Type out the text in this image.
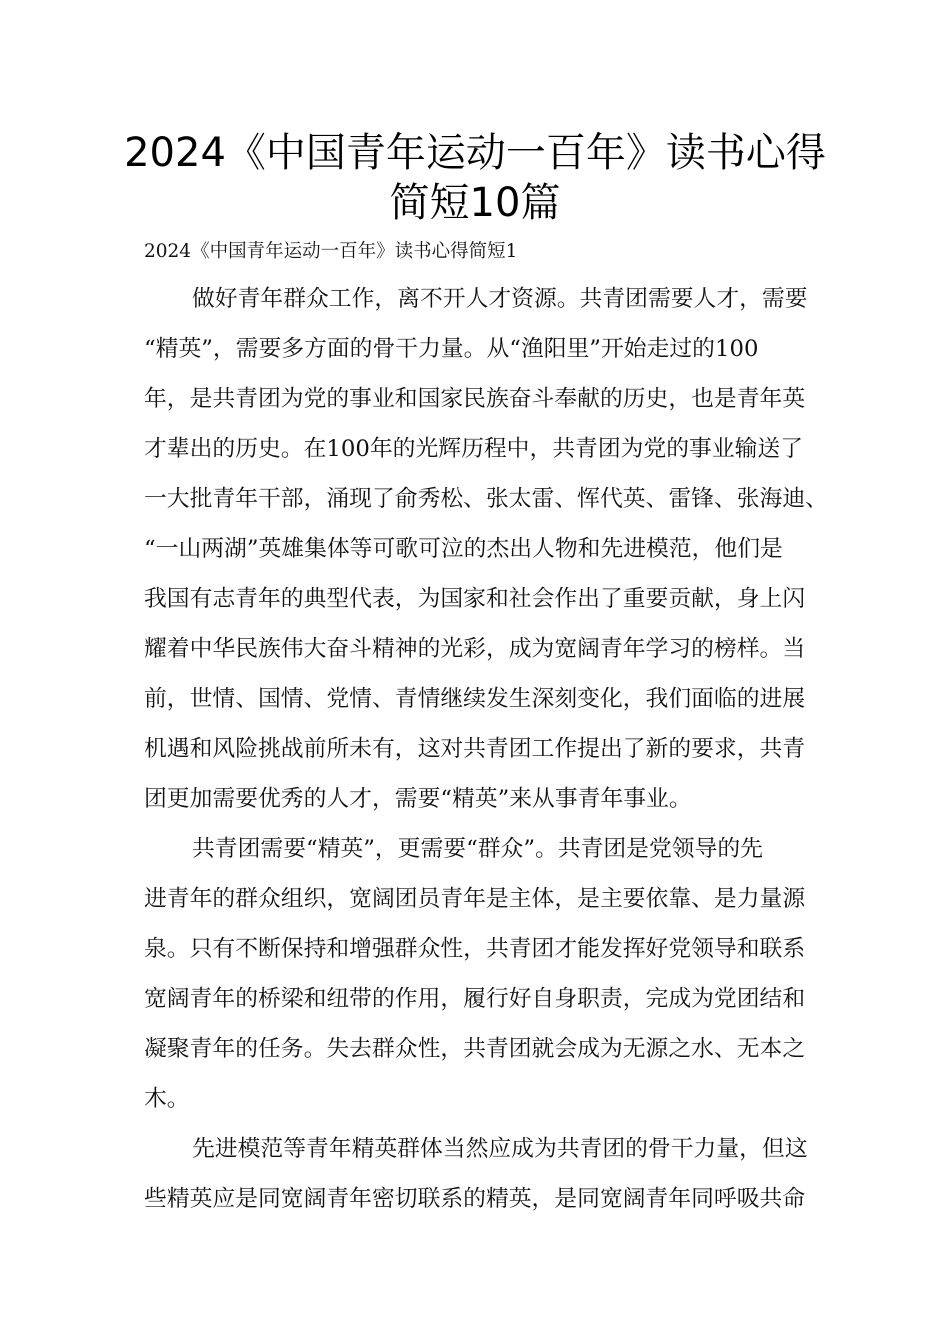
2024《中国青年运动一百年》读书心得
简短10篇
2024《中国青年运动一百年》读书心得简短1
做好青年群众工作，离不开人才资源。共青团需要人才，需要
“精英”，需要多方面的骨干力量。从“渔阳里”开始走过的100
年，是共青团为党的事业和国家民族奋斗奉献的历史，也是青年英
才辈出的历史。在100年的光辉历程中，共青团为党的事业输送了
一大批青年干部，涌现了俞秀松、张太雷、恽代英、雷锋、张海迪、
“一山两湖”英雄集体等可歌可泣的杰出人物和先进模范，他们是
我国有志青年的典型代表，为国家和社会作出了重要贡献，身上闪
耀着中华民族伟大奋斗精神的光彩，成为宽阔青年学习的榜样。当
前，世情、国情、党情、青情继续发生深刻变化，我们面临的进展
机遇和风险挑战前所未有，这对共青团工作提出了新的要求，共青
团更加需要优秀的人才，需要“精英”来从事青年事业。
共青团需要“精英”，更需要“群众”。共青团是党领导的先
进青年的群众组织，宽阔团员青年是主体，是主要依靠、是力量源
泉。只有不断保持和增强群众性，共青团才能发挥好党领导和联系
宽阔青年的桥梁和纽带的作用，履行好自身职责，完成为党团结和
凝聚青年的任务。失去群众性，共青团就会成为无源之水、无本之
木。
先进模范等青年精英群体当然应成为共青团的骨干力量，但这
些精英应是同宽阔青年密切联系的精英，是同宽阔青年同呼吸共命
